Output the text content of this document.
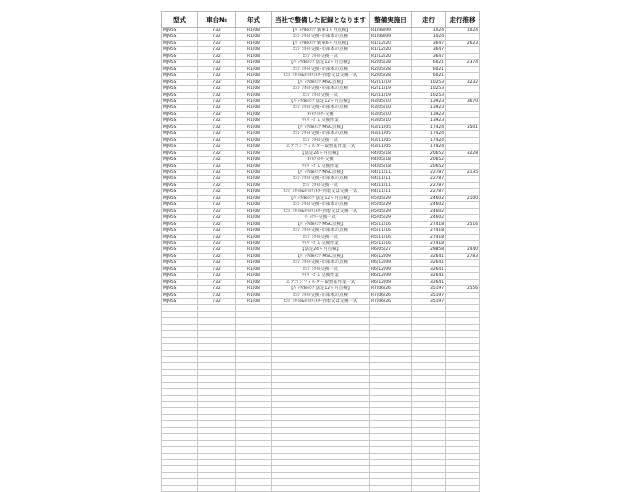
型式	車台№	年式	当社で整備した記録となります	整備実施日	走行	走行推移
MJ95S	732	R1/08	【ﾊﾟｯｸdeﾒﾝﾃ 新車1ヶ月点検】	R1/08/09	1024	1024
MJ95S	732	R1/08	ｴﾝｼﾞﾝｵｲﾙ交換･市部本の点検	R1/08/09	1024	
MJ95S	732	R1/08	【ﾊﾟｯｸdeﾒﾝﾃ 新車6ヶ月点検】	R1/12/20	3647	2623
MJ95S	732	R1/08	ｴﾝｼﾞﾝｵｲﾙ交換･市部本の点検	R1/12/20	3647	
MJ95S	732	R1/08	ｴﾝｼﾞﾝｵｲﾙ交換一式	R1/12/20	3647	
MJ95S	732	R1/08	【ﾊﾟｯｸdeﾒﾝﾃ 法定12ヶ月点検】	R2/05/28	6021	2374
MJ95S	732	R1/08	ｴﾝｼﾞﾝｵｲﾙ交換･市部本の点検	R2/05/28	6021	
MJ95S	732	R1/08	ｴﾝｼﾞﾝｵｲﾙ&ｵｲﾙﾌｨﾙﾀｰ到着又は交換一式	R2/05/28	6021	
MJ95S	732	R1/08	【ﾊﾟｯｸdeﾒﾝﾃ MSC点検】	R2/11/19	10253	3232
MJ95S	732	R1/08	ｴﾝｼﾞﾝｵｲﾙ交換･市部本の点検	R2/11/19	10253	
MJ95S	732	R1/08	ｴﾝｼﾞﾝｵｲﾙ交換一式	R2/11/19	10253	
MJ95S	732	R1/08	【ﾊﾟｯｸdeﾒﾝﾃ 法定12ヶ月点検】	R3/05/10	13923	3670
MJ95S	732	R1/08	ｴﾝｼﾞﾝｵｲﾙ交換･市部本の点検	R3/05/10	13923	
MJ95S	732	R1/08	ｵｲﾙﾌｨﾙﾀｰ交換	R3/05/10	13923	
MJ95S	732	R1/08	ﾜｲﾊﾟｰｺﾞﾑ 交換作業	R3/05/10	13923	
MJ95S	732	R1/08	【ﾊﾟｯｸdeﾒﾝﾃ MSC点検】	R3/11/05	17424	3501
MJ95S	732	R1/08	ｴﾝｼﾞﾝｵｲﾙ交換･市部本の点検	R3/11/05	17424	
MJ95S	732	R1/08	ｴﾝｼﾞﾝｵｲﾙ交換一式	R3/11/05	17424	
MJ95S	732	R1/08	エアコンフィルター取替＆作業一式	R3/11/05	17424	
MJ95S	732	R1/08	【法定24ヶ月点検】	R4/05/18	20652	3228
MJ95S	732	R1/08	ｵｲﾙﾌｨﾙﾀｰ交換	R4/05/18	20652	
MJ95S	732	R1/08	ﾜｲﾊﾟｰｺﾞﾑ 交換作業	R4/05/18	20652	
MJ95S	732	R1/08	【ﾊﾟｯｸdeﾒﾝﾃ MSC点検】	R4/11/11	22787	2135
MJ95S	732	R1/08	ｴﾝｼﾞﾝｵｲﾙ交換･市部本の点検	R4/11/11	22787	
MJ95S	732	R1/08	ｴﾝｼﾞﾝｵｲﾙ交換一式	R4/11/11	22787	
MJ95S	732	R1/08	ｴﾝｼﾞﾝｵｲﾙ&ｵｲﾙﾌｨﾙﾀｰ到着又は交換一式	R4/11/11	22787	
MJ95S	732	R1/08	【ﾊﾟｯｸdeﾒﾝﾃ 法定12ヶ月点検】	R5/05/29	24602	2100
MJ95S	732	R1/08	ｴﾝｼﾞﾝｵｲﾙ交換･市部本の点検	R5/05/29	24602	
MJ95S	732	R1/08	ｴﾝｼﾞﾝｵｲﾙ&ｵｲﾙﾌｨﾙﾀｰ到着又は交換一式	R5/05/29	24602	
MJ95S	732	R1/08	ﾊﾞｯﾃﾘｰ交換一式	R5/05/29	24602	
MJ95S	732	R1/08	【ﾊﾟｯｸdeﾒﾝﾃ MSC点検】	R5/11/16	27418	2516
MJ95S	732	R1/08	ｴﾝｼﾞﾝｵｲﾙ交換･市部本の点検	R5/11/16	27418	
MJ95S	732	R1/08	ｴﾝｼﾞﾝｵｲﾙ交換一式	R5/11/16	27418	
MJ95S	732	R1/08	ﾜｲﾊﾟｰｺﾞﾑ 交換作業	R5/11/16	27418	
MJ95S	732	R1/08	【法定24ヶ月点検】	R6/05/27	29858	2440
MJ95S	732	R1/08	【ﾊﾟｯｸdeﾒﾝﾃ MSC点検】	R6/12/09	32641	2783
MJ95S	732	R1/08	ｴﾝｼﾞﾝｵｲﾙ交換･市部本の点検	R6/12/09	32641	
MJ95S	732	R1/08	ｴﾝｼﾞﾝｵｲﾙ交換一式	R6/12/09	32641	
MJ95S	732	R1/08	ﾜｲﾊﾟｰｺﾞﾑ 交換作業	R6/12/09	32641	
MJ95S	732	R1/08	エアコンフィルター取替＆作業一式	R6/12/09	32641	
MJ95S	732	R1/08	【ﾊﾟｯｸdeﾒﾝﾃ 法定12ヶ月点検】	R7/06/26	35197	2556
MJ95S	732	R1/08	ｴﾝｼﾞﾝｵｲﾙ交換･市部本の点検	R7/06/26	35197	
MJ95S	732	R1/08	ｴﾝｼﾞﾝｵｲﾙ&ｵｲﾙﾌｨﾙﾀｰ到着又は交換一式	R7/06/26	35197	
